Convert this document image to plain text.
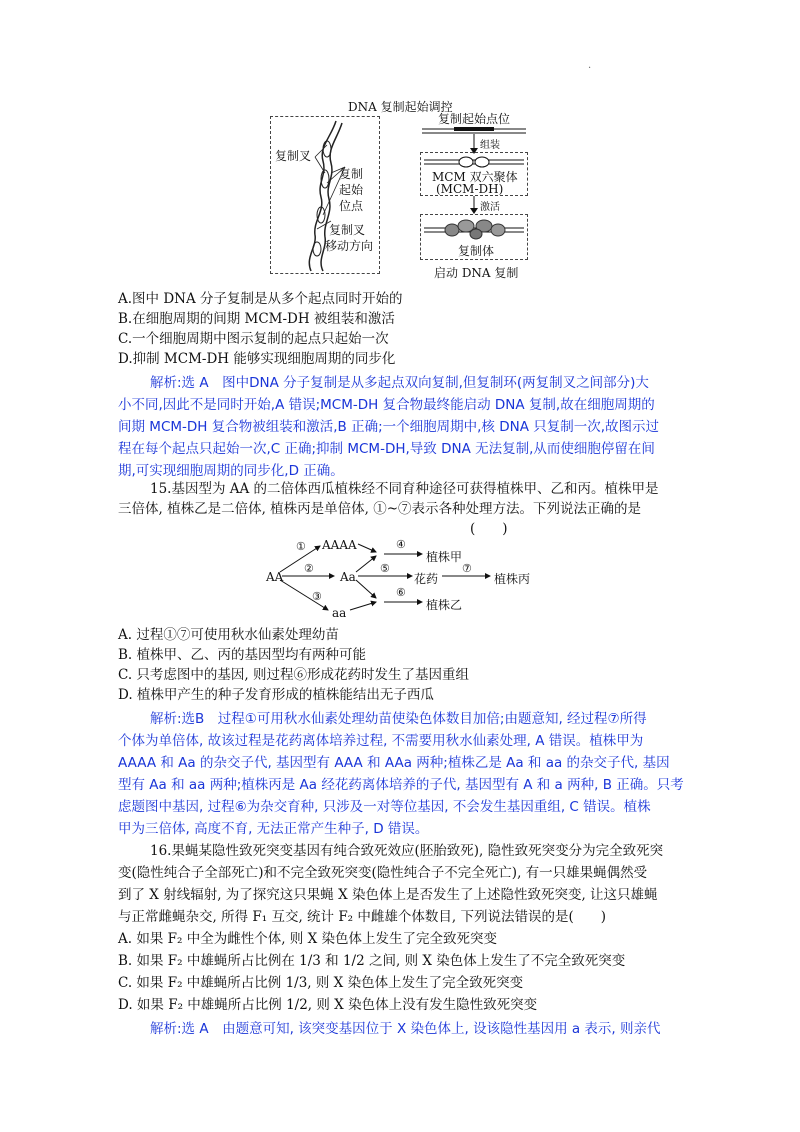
.
DNA 复制起始调控
复制叉
复制
起始
位点
复制叉
移动方向
复制起始点位
组装
MCM 双六聚体
(MCM-DH)
激活
复制体
启动 DNA 复制
A.图中 DNA 分子复制是从多个起点同时开始的
B.在细胞周期的间期 MCM-DH 被组装和激活
C.一个细胞周期中图示复制的起点只起始一次
D.抑制 MCM-DH 能够实现细胞周期的同步化
解析:选 A　图中DNA 分子复制是从多起点双向复制,但复制环(两复制叉之间部分)大
小不同,因此不是同时开始,A 错误;MCM-DH 复合物最终能启动 DNA 复制,故在细胞周期的
间期 MCM-DH 复合物被组装和激活,B 正确;一个细胞周期中,核 DNA 只复制一次,故图示过
程在每个起点只起始一次,C 正确;抑制 MCM-DH,导致 DNA 无法复制,从而使细胞停留在间
期,可实现细胞周期的同步化,D 正确。
15.基因型为 AA 的二倍体西瓜植株经不同育种途径可获得植株甲、乙和丙。植株甲是
三倍体, 植株乙是二倍体, 植株丙是单倍体, ①~⑦表示各种处理方法。下列说法正确的是
(　　)
AA
AAAA
Aa
aa
花药
植株甲
植株丙
植株乙
①
②
③
④
⑤
⑥
⑦
A. 过程①⑦可使用秋水仙素处理幼苗
B. 植株甲、乙、丙的基因型均有两种可能
C. 只考虑图中的基因, 则过程⑥形成花药时发生了基因重组
D. 植株甲产生的种子发育形成的植株能结出无子西瓜
解析:选B　过程①可用秋水仙素处理幼苗使染色体数目加倍;由题意知, 经过程⑦所得
个体为单倍体, 故该过程是花药离体培养过程, 不需要用秋水仙素处理, A 错误。植株甲为
AAAA 和 Aa 的杂交子代, 基因型有 AAA 和 AAa 两种;植株乙是 Aa 和 aa 的杂交子代, 基因
型有 Aa 和 aa 两种;植株丙是 Aa 经花药离体培养的子代, 基因型有 A 和 a 两种, B 正确。只考
虑题图中基因, 过程⑥为杂交育种, 只涉及一对等位基因, 不会发生基因重组, C 错误。植株
甲为三倍体, 高度不育, 无法正常产生种子, D 错误。
16.果蝇某隐性致死突变基因有纯合致死效应(胚胎致死), 隐性致死突变分为完全致死突
变(隐性纯合子全部死亡)和不完全致死突变(隐性纯合子不完全死亡), 有一只雄果蝇偶然受
到了 X 射线辐射, 为了探究这只果蝇 X 染色体上是否发生了上述隐性致死突变, 让这只雄蝇
与正常雌蝇杂交, 所得 F₁ 互交, 统计 F₂ 中雌雄个体数目, 下列说法错误的是(　　)
A. 如果 F₂ 中全为雌性个体, 则 X 染色体上发生了完全致死突变
B. 如果 F₂ 中雄蝇所占比例在 1/3 和 1/2 之间, 则 X 染色体上发生了不完全致死突变
C. 如果 F₂ 中雄蝇所占比例 1/3, 则 X 染色体上发生了完全致死突变
D. 如果 F₂ 中雄蝇所占比例 1/2, 则 X 染色体上没有发生隐性致死突变
解析:选 A　由题意可知, 该突变基因位于 X 染色体上, 设该隐性基因用 a 表示, 则亲代
